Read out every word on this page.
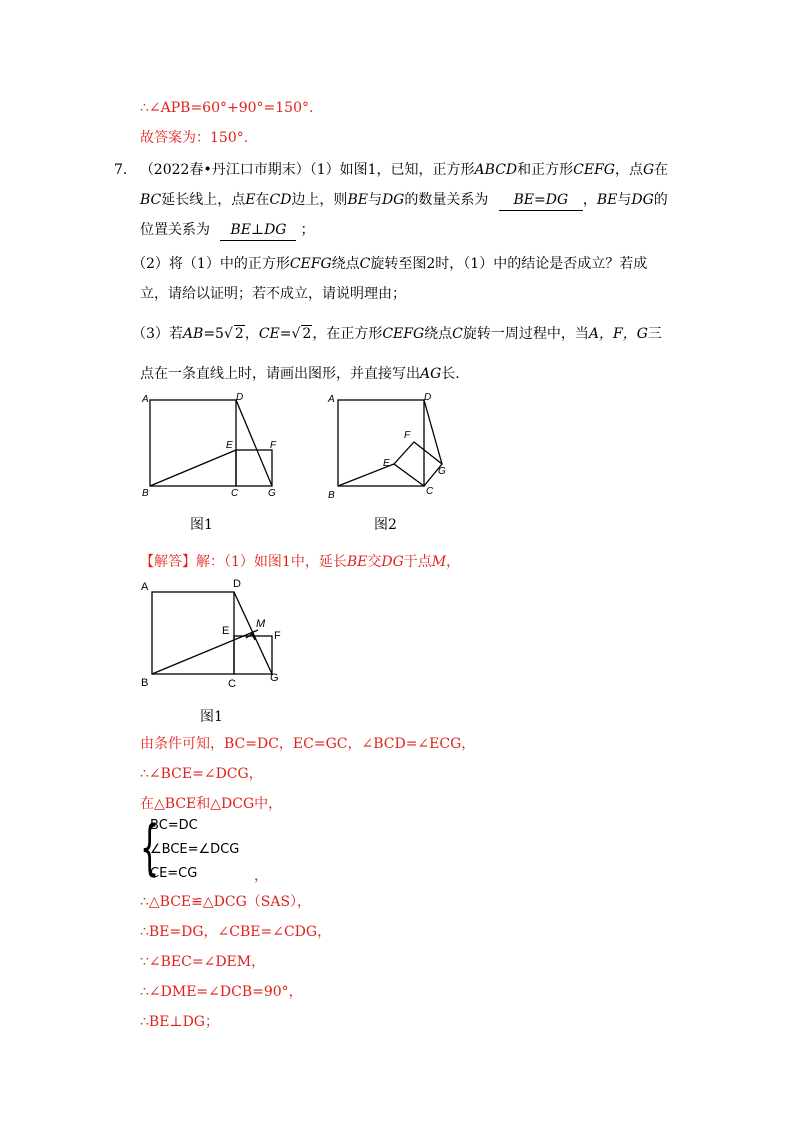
∴∠APB=60°+90°=150°.
故答案为：150°.
7. （2022春•丹江口市期末）（1）如图1，已知，正方形ABCD和正方形CEFG，点G在
BC延长线上，点E在CD边上，则BE与DG的数量关系为 BE=DG ，BE与DG的
位置关系为 BE⊥DG ；
（2）将（1）中的正方形CEFG绕点C旋转至图2时，（1）中的结论是否成立？若成
立，请给以证明；若不成立，请说明理由；
（3）若AB=5√ 2，CE=√ 2，在正方形CEFG绕点C旋转一周过程中，当A，F，G三
点在一条直线上时，请画出图形，并直接写出AG长.
A
B	C
D
E	F
G
图1
A
B	C
D
E
F
G
图2
【解答】解：（1）如图1中，延长BE交DG于点M，
A
B	C
D
E	F
G
M
图1
由条件可知，BC=DC，EC=GC，∠BCD=∠ECG，
∴∠BCE=∠DCG，
在△BCE和△DCG中，
{
BC=DC
∠BCE=∠DCG
CE=CG	，
∴△BCE≌△DCG（SAS），
∴BE=DG，∠CBE=∠CDG，
∵∠BEC=∠DEM，
∴∠DME=∠DCB=90°，
∴BE⊥DG；
